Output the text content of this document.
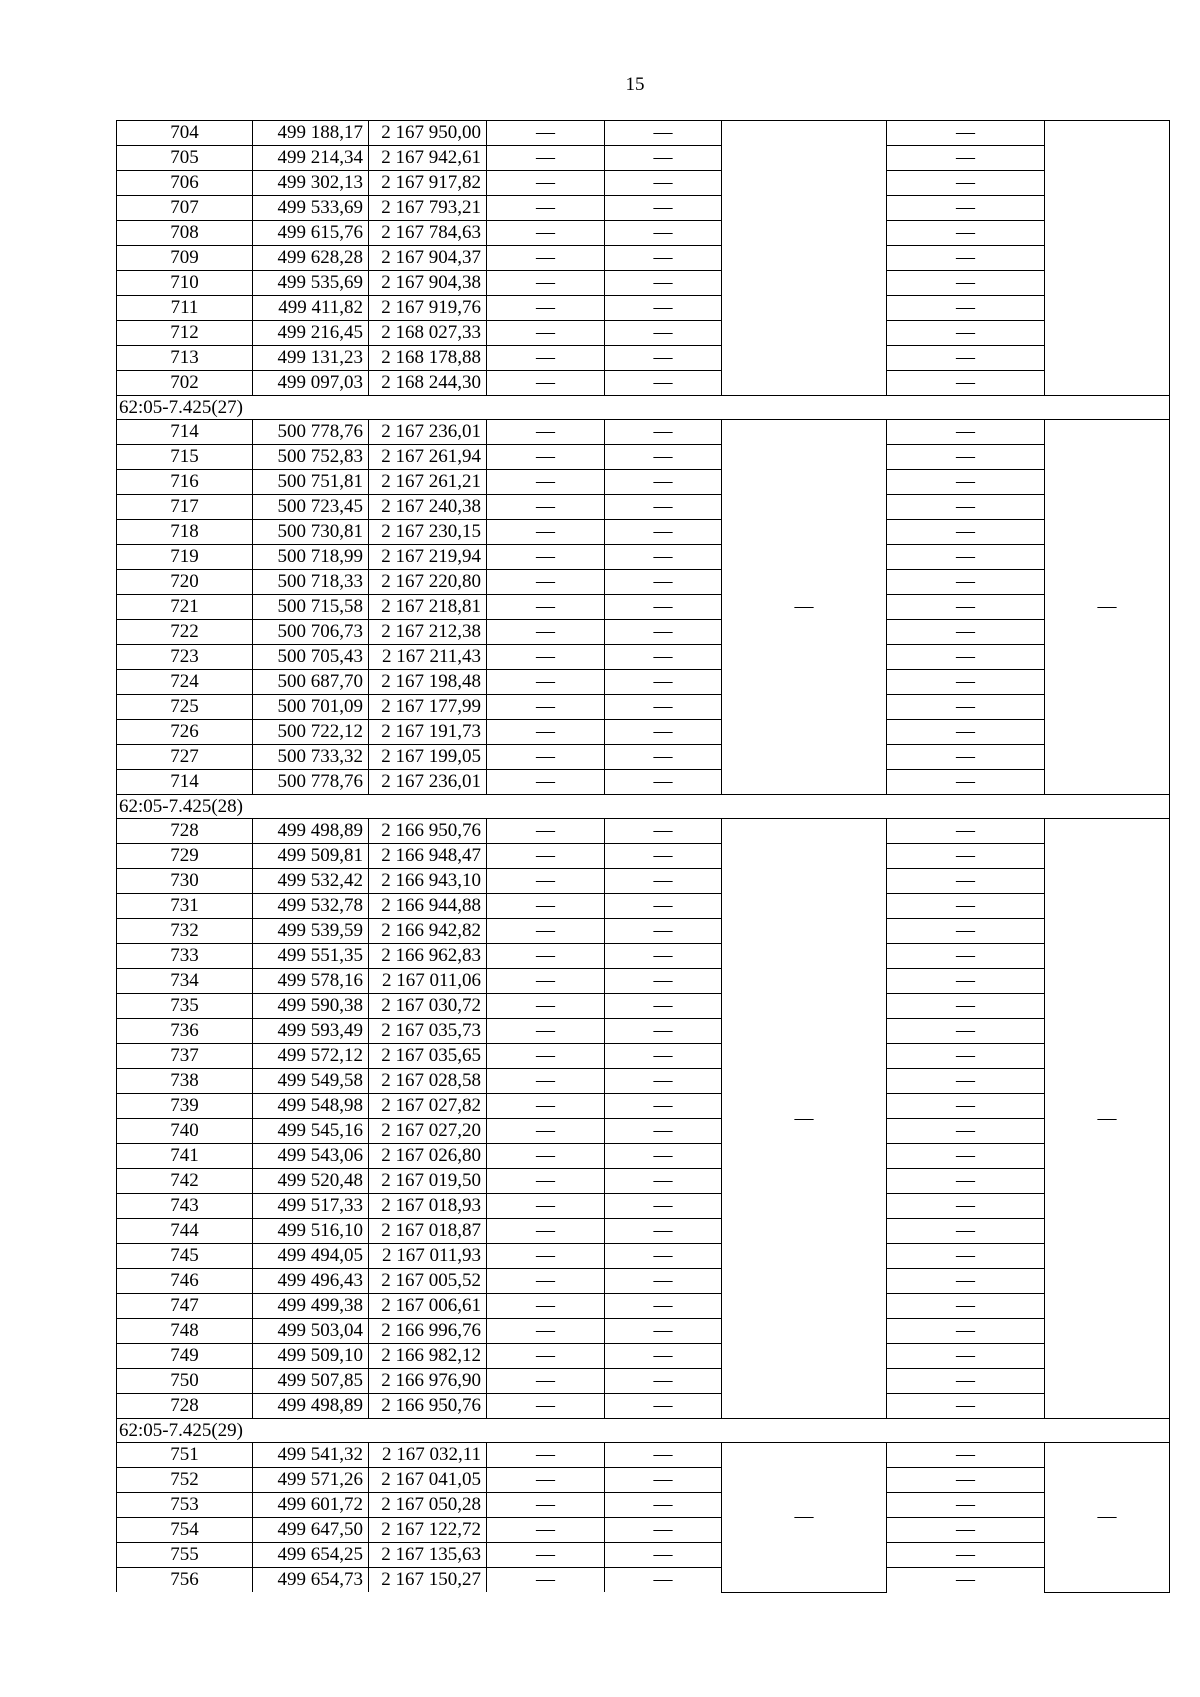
15
704	499 188,17	2 167 950,00	—	—		—	
705	499 214,34	2 167 942,61	—	—		—	
706	499 302,13	2 167 917,82	—	—		—	
707	499 533,69	2 167 793,21	—	—		—	
708	499 615,76	2 167 784,63	—	—		—	
709	499 628,28	2 167 904,37	—	—		—	
710	499 535,69	2 167 904,38	—	—		—	
711	499 411,82	2 167 919,76	—	—		—	
712	499 216,45	2 168 027,33	—	—		—	
713	499 131,23	2 168 178,88	—	—		—	
702	499 097,03	2 168 244,30	—	—		—	
62:05-7.425(27)							
714	500 778,76	2 167 236,01	—	—	—	—	—
715	500 752,83	2 167 261,94	—	—		—	
716	500 751,81	2 167 261,21	—	—		—	
717	500 723,45	2 167 240,38	—	—		—	
718	500 730,81	2 167 230,15	—	—		—	
719	500 718,99	2 167 219,94	—	—		—	
720	500 718,33	2 167 220,80	—	—		—	
721	500 715,58	2 167 218,81	—	—		—	
722	500 706,73	2 167 212,38	—	—		—	
723	500 705,43	2 167 211,43	—	—		—	
724	500 687,70	2 167 198,48	—	—		—	
725	500 701,09	2 167 177,99	—	—		—	
726	500 722,12	2 167 191,73	—	—		—	
727	500 733,32	2 167 199,05	—	—		—	
714	500 778,76	2 167 236,01	—	—		—	
62:05-7.425(28)							
728	499 498,89	2 166 950,76	—	—	—	—	—
729	499 509,81	2 166 948,47	—	—		—	
730	499 532,42	2 166 943,10	—	—		—	
731	499 532,78	2 166 944,88	—	—		—	
732	499 539,59	2 166 942,82	—	—		—	
733	499 551,35	2 166 962,83	—	—		—	
734	499 578,16	2 167 011,06	—	—		—	
735	499 590,38	2 167 030,72	—	—		—	
736	499 593,49	2 167 035,73	—	—		—	
737	499 572,12	2 167 035,65	—	—		—	
738	499 549,58	2 167 028,58	—	—		—	
739	499 548,98	2 167 027,82	—	—		—	
740	499 545,16	2 167 027,20	—	—		—	
741	499 543,06	2 167 026,80	—	—		—	
742	499 520,48	2 167 019,50	—	—		—	
743	499 517,33	2 167 018,93	—	—		—	
744	499 516,10	2 167 018,87	—	—		—	
745	499 494,05	2 167 011,93	—	—		—	
746	499 496,43	2 167 005,52	—	—		—	
747	499 499,38	2 167 006,61	—	—		—	
748	499 503,04	2 166 996,76	—	—		—	
749	499 509,10	2 166 982,12	—	—		—	
750	499 507,85	2 166 976,90	—	—		—	
728	499 498,89	2 166 950,76	—	—		—	
62:05-7.425(29)							
751	499 541,32	2 167 032,11	—	—	—	—	—
752	499 571,26	2 167 041,05	—	—		—	
753	499 601,72	2 167 050,28	—	—		—	
754	499 647,50	2 167 122,72	—	—		—	
755	499 654,25	2 167 135,63	—	—		—	
756	499 654,73	2 167 150,27	—	—		—	
